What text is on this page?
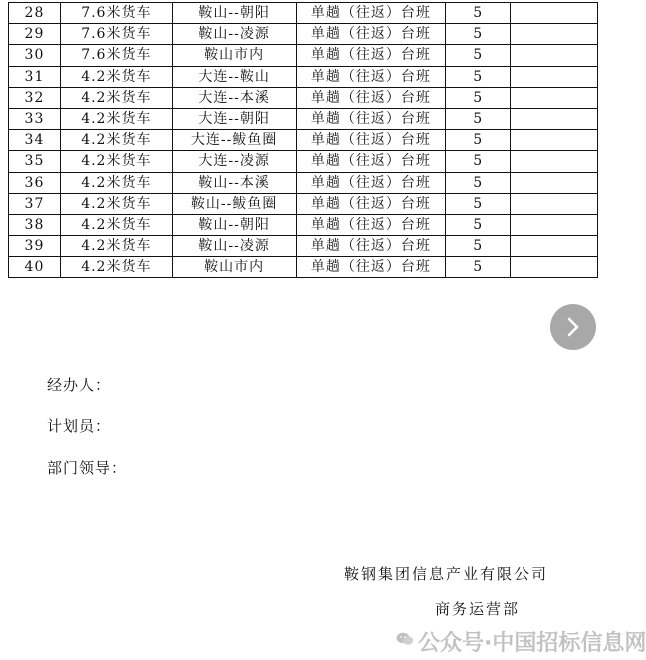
28	7.6米货车	鞍山--朝阳	单趟（往返）台班	5	
29	7.6米货车	鞍山--凌源	单趟（往返）台班	5	
30	7.6米货车	鞍山市内	单趟（往返）台班	5	
31	4.2米货车	大连--鞍山	单趟（往返）台班	5	
32	4.2米货车	大连--本溪	单趟（往返）台班	5	
33	4.2米货车	大连--朝阳	单趟（往返）台班	5	
34	4.2米货车	大连--鲅鱼圈	单趟（往返）台班	5	
35	4.2米货车	大连--凌源	单趟（往返）台班	5	
36	4.2米货车	鞍山--本溪	单趟（往返）台班	5	
37	4.2米货车	鞍山--鲅鱼圈	单趟（往返）台班	5	
38	4.2米货车	鞍山--朝阳	单趟（往返）台班	5	
39	4.2米货车	鞍山--凌源	单趟（往返）台班	5	
40	4.2米货车	鞍山市内	单趟（往返）台班	5	
经办人：
计划员：
部门领导：
鞍钢集团信息产业有限公司
商务运营部
公众号·中国招标信息网
